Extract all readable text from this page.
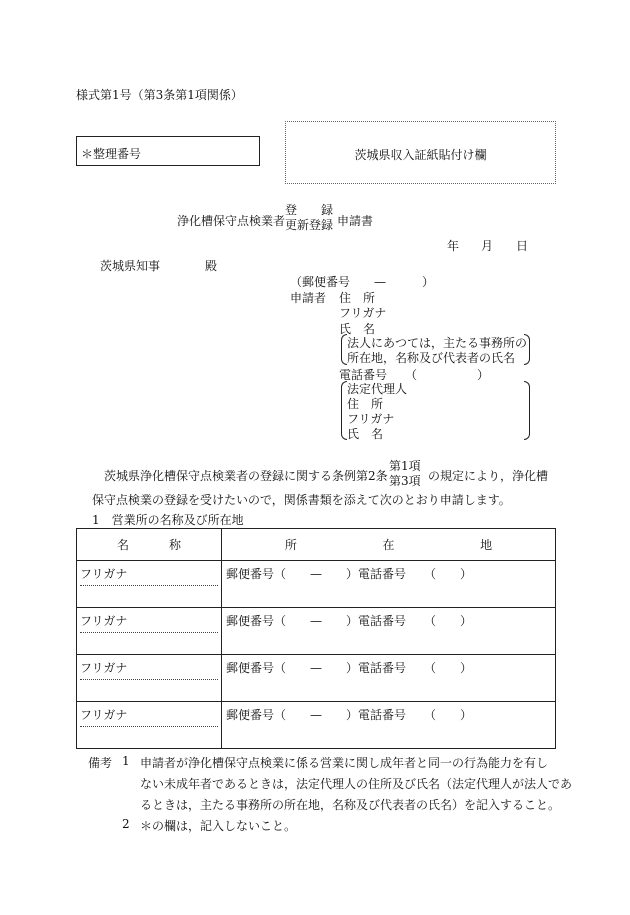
様式第1号（第3条第1項関係）
＊整理番号	茨城県収入証紙貼付け欄
浄化槽保守点検業者
登　　録
更新登録 申請書
年 月 日
茨城県知事	殿
（郵便番号　　—　　　）
申請者 住　所
フリガナ
氏　名
法人にあつては，主たる事務所の
所在地，名称及び代表者の氏名
電話番号　　（　　　　　）
法定代理人
住　所
フリガナ
氏　名
茨城県浄化槽保守点検業者の登録に関する条例第2条
第1項
第3項 の規定により，浄化槽
保守点検業の登録を受けたいので，関係書類を添えて次のとおり申請します。
1　営業所の名称及び所在地
名 称	所 在 地

フリガナ	郵便番号（　　—　　）電話番号　　（　　）

フリガナ	郵便番号（　　—　　）電話番号　　（　　）

フリガナ	郵便番号（　　—　　）電話番号　　（　　）

フリガナ	郵便番号（　　—　　）電話番号　　（　　）
備考 1 申請者が浄化槽保守点検業に係る営業に関し成年者と同一の行為能力を有し
ない未成年者であるときは，法定代理人の住所及び氏名（法定代理人が法人であ
るときは，主たる事務所の所在地，名称及び代表者の氏名）を記入すること。
2 ＊の欄は，記入しないこと。
